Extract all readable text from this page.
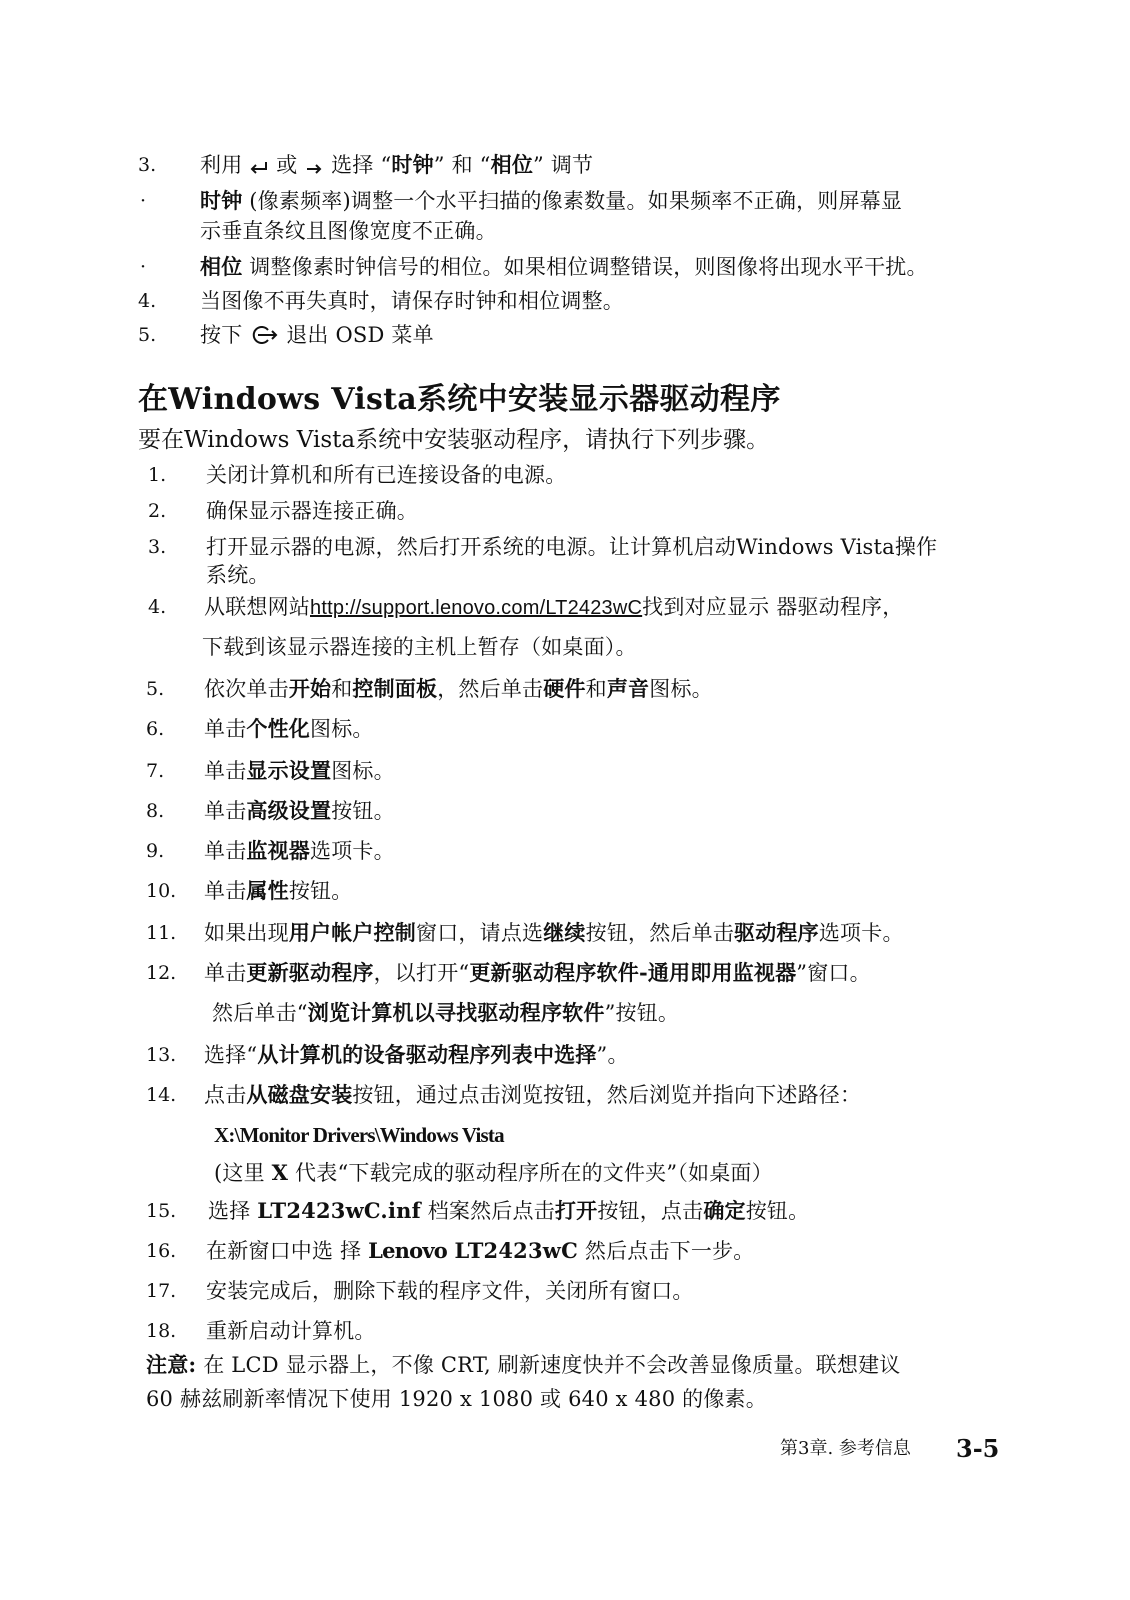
3. 利用 或 选择 “时钟” 和 “相位” 调节
·	时钟 (像素频率)调整一个水平扫描的像素数量。如果频率不正确，则屏幕显
示垂直条纹且图像宽度不正确。
·	相位 调整像素时钟信号的相位。如果相位调整错误，则图像将出现水平干扰。
4. 当图像不再失真时，请保存时钟和相位调整。
5. 按下 退出 OSD 菜单
在Windows Vista系统中安装显示器驱动程序
要在Windows Vista系统中安装驱动程序，请执行下列步骤。
1. 关闭计算机和所有已连接设备的电源。
2. 确保显示器连接正确。
3. 打开显示器的电源，然后打开系统的电源。让计算机启动Windows Vista操作
系统。
4. 从联想网站http://support.lenovo.com/LT2423wC找到对应显示 器驱动程序，
下载到该显示器连接的主机上暂存（如桌面）。
5. 依次单击开始和控制面板，然后单击硬件和声音图标。
6. 单击个性化图标。
7. 单击显示设置图标。
8. 单击高级设置按钮。
9. 单击监视器选项卡。
10. 单击属性按钮。
11. 如果出现用户帐户控制窗口，请点选继续按钮，然后单击驱动程序选项卡。
12. 单击更新驱动程序，以打开“更新驱动程序软件-通用即用监视器”窗口。
然后单击“浏览计算机以寻找驱动程序软件”按钮。
13. 选择“从计算机的设备驱动程序列表中选择”。
14. 点击从磁盘安装按钮，通过点击浏览按钮，然后浏览并指向下述路径：
X:\Monitor Drivers\Windows Vista
(这里 X 代表“下载完成的驱动程序所在的文件夹”（如桌面）
15. 选择 LT2423wC.inf 档案然后点击打开按钮，点击确定按钮。
16. 在新窗口中选 择 Lenovo LT2423wC 然后点击下一步。
17. 安装完成后，删除下载的程序文件，关闭所有窗口。
18. 重新启动计算机。
注意: 在 LCD 显示器上，不像 CRT, 刷新速度快并不会改善显像质量。联想建议
60 赫兹刷新率情况下使用 1920 x 1080 或 640 x 480 的像素。
第3章. 参考信息 3-5
